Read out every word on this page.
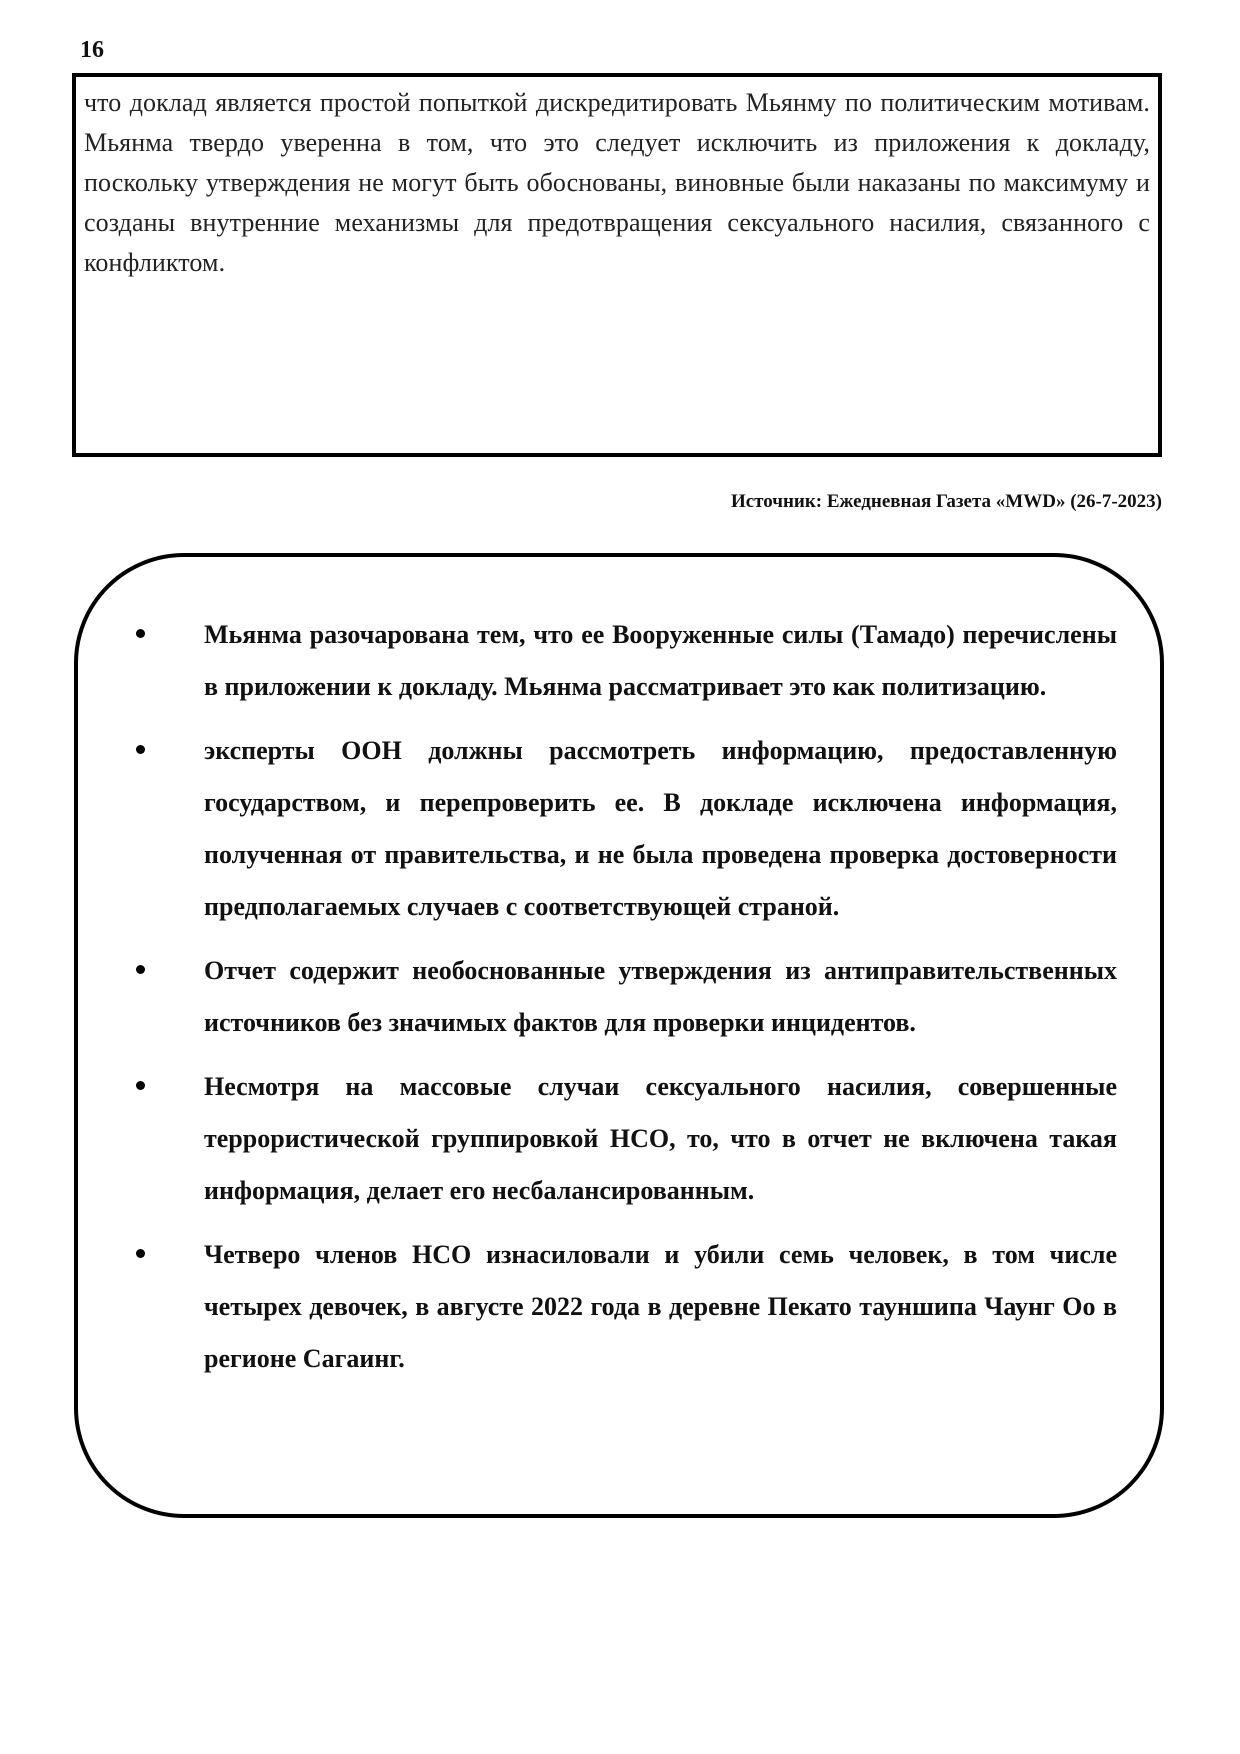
16

что доклад является простой попыткой дискредитировать Мьянму по политическим мотивам. Мьянма твердо уверенна в том, что это следует исключить из приложения к докладу, поскольку утверждения не могут быть обоснованы, виновные были наказаны по максимуму и созданы внутренние механизмы для предотвращения сексуального насилия, связанного с конфликтом.

Источник: Ежедневная Газета «MWD» (26-7-2023)
Мьянма разочарована тем, что ее Вооруженные силы (Тамадо) перечислены в приложении к докладу. Мьянма рассматривает это как политизацию.
эксперты ООН должны рассмотреть информацию, предоставленную государством, и перепроверить ее. В докладе исключена информация, полученная от правительства, и не была проведена проверка достоверности предполагаемых случаев с соответствующей страной.
Отчет содержит необоснованные утверждения из антиправительственных источников без значимых фактов для проверки инцидентов.
Несмотря на массовые случаи сексуального насилия, совершенные террористической группировкой НСО, то, что в отчет не включена такая информация, делает его несбалансированным.
Четверо членов НСО изнасиловали и убили семь человек, в том числе четырех девочек, в августе 2022 года в деревне Пекато тауншипа Чаунг Оо в регионе Сагаинг.
